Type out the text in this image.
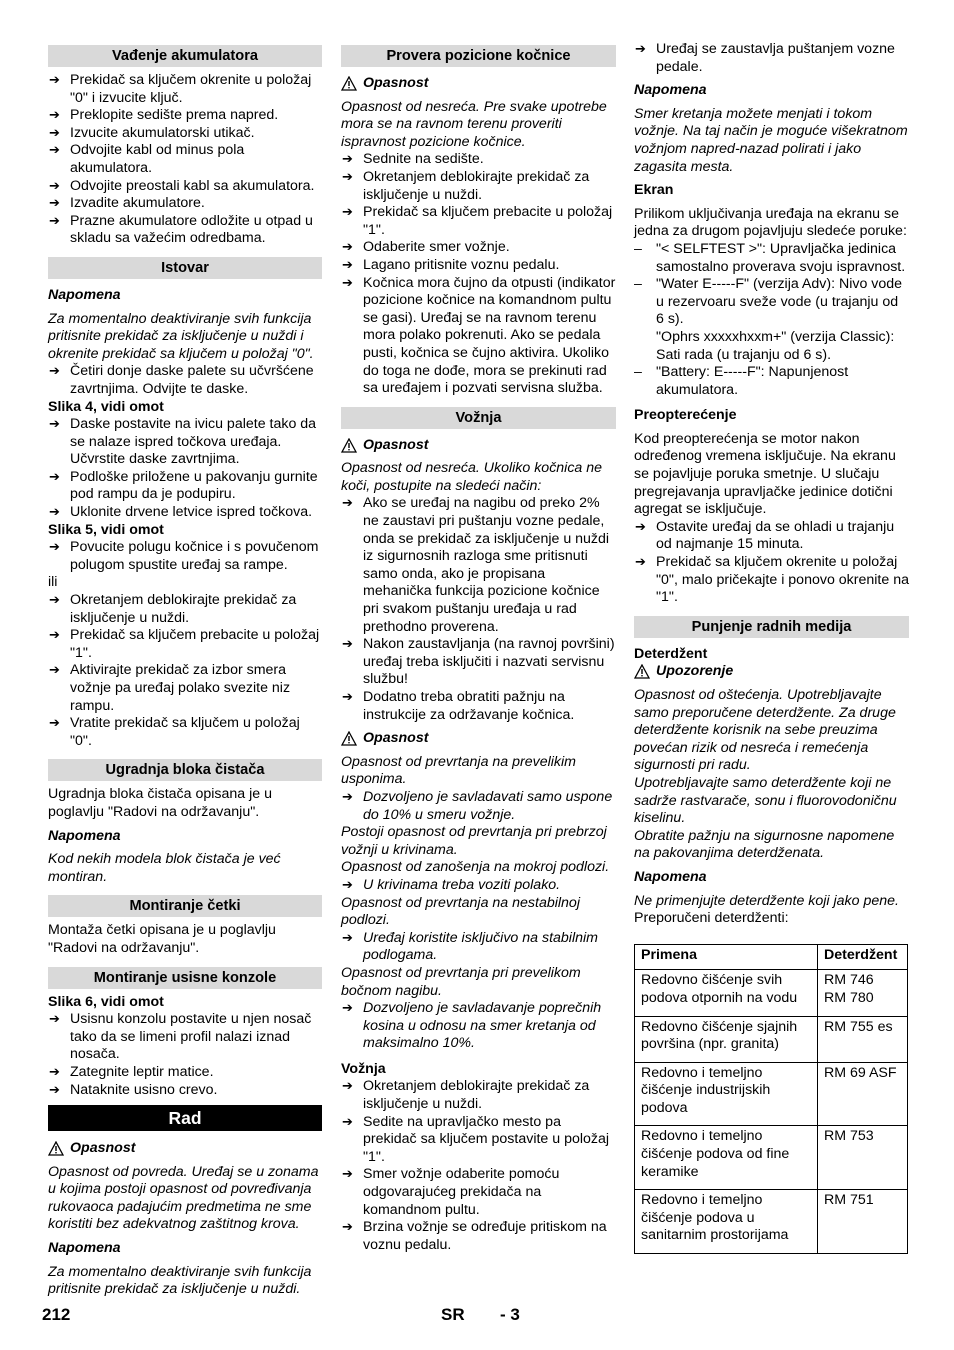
Vađenje akumulatora
➔ Prekidač sa ključem okrenite u položaj "0" i izvucite ključ.
➔ Preklopite sedište prema napred.
➔ Izvucite akumulatorski utikač.
➔ Odvojite kabl od minus pola akumulatora.
➔ Odvojite preostali kabl sa akumulatora.
➔ Izvadite akumulatore.
➔ Prazne akumulatore odložite u otpad u skladu sa važećim odredbama.
Istovar
Napomena
Za momentalno deaktiviranje svih funkcija pritisnite prekidač za isključenje u nuždi i okrenite prekidač sa ključem u položaj "0".
➔ Četiri donje daske palete su učvršćene zavrtnjima. Odvijte te daske.
Slika 4, vidi omot
➔ Daske postavite na ivicu palete tako da se nalaze ispred točkova uređaja. Učvrstite daske zavrtnjima.
➔ Podloške priložene u pakovanju gurnite pod rampu da je podupiru.
➔ Uklonite drvene letvice ispred točkova.
Slika 5, vidi omot
➔ Povucite polugu kočnice i s povučenom polugom spustite uređaj sa rampe.
ili
➔ Okretanjem deblokirajte prekidač za isključenje u nuždi.
➔ Prekidač sa ključem prebacite u položaj "1".
➔ Aktivirajte prekidač za izbor smera vožnje pa uređaj polako svezite niz rampu.
➔ Vratite prekidač sa ključem u položaj "0".
Ugradnja bloka čistača
Ugradnja bloka čistača opisana je u poglavlju "Radovi na održavanju".
Napomena
Kod nekih modela blok čistača je već montiran.
Montiranje četki
Montaža četki opisana je u poglavlju "Radovi na održavanju".
Montiranje usisne konzole
Slika 6, vidi omot
➔ Usisnu konzolu postavite u njen nosač tako da se limeni profil nalazi iznad nosača.
➔ Zategnite leptir matice.
➔ Nataknite usisno crevo.
Rad
Opasnost
Opasnost od povreda. Uređaj se u zonama u kojima postoji opasnost od povređivanja rukovaoca padajućim predmetima ne sme koristiti bez adekvatnog zaštitnog krova.
Napomena
Za momentalno deaktiviranje svih funkcija pritisnite prekidač za isključenje u nuždi.
Provera pozicione kočnice
Opasnost
Opasnost od nesreća. Pre svake upotrebe mora se na ravnom terenu proveriti ispravnost pozicione kočnice.
➔ Sednite na sedište.
➔ Okretanjem deblokirajte prekidač za isključenje u nuždi.
➔ Prekidač sa ključem prebacite u položaj "1".
➔ Odaberite smer vožnje.
➔ Lagano pritisnite voznu pedalu.
➔ Kočnica mora čujno da otpusti (indikator pozicione kočnice na komandnom pultu se gasi). Uređaj se na ravnom terenu mora polako pokrenuti. Ako se pedala pusti, kočnica se čujno aktivira. Ukoliko do toga ne dođe, mora se prekinuti rad sa uređajem i pozvati servisna služba.
Vožnja
Opasnost
Opasnost od nesreća. Ukoliko kočnica ne koči, postupite na sledeći način:
➔ Ako se uređaj na nagibu od preko 2% ne zaustavi pri puštanju vozne pedale, onda se prekidač za isključenje u nuždi iz sigurnosnih razloga sme pritisnuti samo onda, ako je propisana mehanička funkcija pozicione kočnice pri svakom puštanju uređaja u rad prethodno proverena.
➔ Nakon zaustavljanja (na ravnoj površini) uređaj treba isključiti i nazvati servisnu službu!
➔ Dodatno treba obratiti pažnju na instrukcije za održavanje kočnica.
Opasnost
Opasnost od prevrtanja na prevelikim usponima.
➔ Dozvoljeno je savladavati samo uspone do 10% u smeru vožnje.
Postoji opasnost od prevrtanja pri prebrzoj vožnji u krivinama.
Opasnost od zanošenja na mokroj podlozi.
➔ U krivinama treba voziti polako.
Opasnost od prevrtanja na nestabilnoj podlozi.
➔ Uređaj koristite isključivo na stabilnim podlogama.
Opasnost od prevrtanja pri prevelikom bočnom nagibu.
➔ Dozvoljeno je savladavanje poprečnih kosina u odnosu na smer kretanja od maksimalno 10%.
Vožnja
➔ Okretanjem deblokirajte prekidač za isključenje u nuždi.
➔ Sedite na upravljačko mesto pa prekidač sa ključem postavite u položaj "1".
➔ Smer vožnje odaberite pomoću odgovarajućeg prekidača na komandnom pultu.
➔ Brzina vožnje se određuje pritiskom na voznu pedalu.
➔ Uređaj se zaustavlja puštanjem vozne pedale.
Napomena
Smer kretanja možete menjati i tokom vožnje. Na taj način je moguće višekratnom vožnjom napred-nazad polirati i jako zagasita mesta.
Ekran
Prilikom uključivanja uređaja na ekranu se jedna za drugom pojavljuju sledeće poruke:
– "< SELFTEST >": Upravljačka jedinica samostalno proverava svoju ispravnost.
– "Water E-----F" (verzija Adv): Nivo vode u rezervoaru sveže vode (u trajanju od 6 s).
"Ophrs xxxxxhxxm+" (verzija Classic): Sati rada (u trajanju od 6 s).
– "Battery: E-----F": Napunjenost akumulatora.
Preopterećenje
Kod preopterećenja se motor nakon određenog vremena isključuje. Na ekranu se pojavljuje poruka smetnje. U slučaju pregrejavanja upravljačke jedinice dotični agregat se isključuje.
➔ Ostavite uređaj da se ohladi u trajanju od najmanje 15 minuta.
➔ Prekidač sa ključem okrenite u položaj "0", malo pričekajte i ponovo okrenite na "1".
Punjenje radnih medija
Deterdžent
Upozorenje
Opasnost od oštećenja. Upotrebljavajte samo preporučene deterdžente. Za druge deterdžente korisnik na sebe preuzima povećan rizik od nesreća i remećenja sigurnosti pri radu.
Upotrebljavajte samo deterdžente koji ne sadrže rastvarače, sonu i fluorovodoničnu kiselinu.
Obratite pažnju na sigurnosne napomene na pakovanjima deterdženata.
Napomena
Ne primenjujte deterdžente koji jako pene.
Preporučeni deterdženti:
Primena	Deterdžent
Redovno čišćenje svih podova otpornih na vodu	RM 746
RM 780
Redovno čišćenje sjajnih površina (npr. granita)	RM 755 es
Redovno i temeljno čišćenje industrijskih podova	RM 69 ASF
Redovno i temeljno čišćenje podova od fine keramike	RM 753
Redovno i temeljno čišćenje podova u sanitarnim prostorijama	RM 751
212	SR - 3
